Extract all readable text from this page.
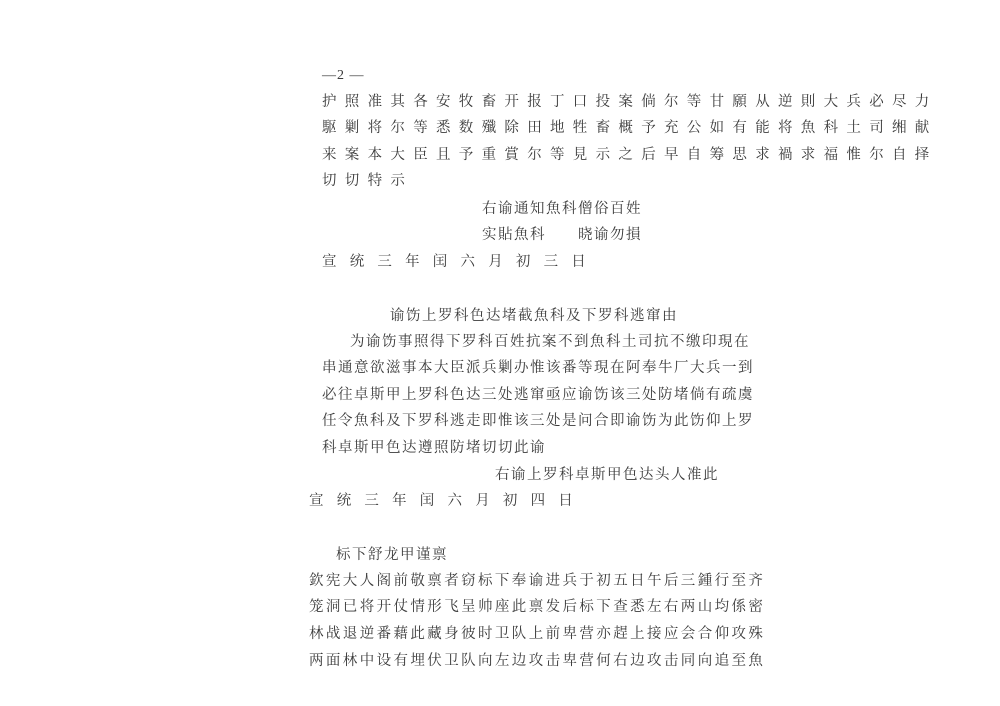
—2 —
护照准其各安牧畜开报丁口投案倘尔等甘願从逆則大兵必尽力
駆剿将尔等悉数殲除田地牲畜概予充公如有能将魚科土司缃献
来案本大臣且予重賞尔等見示之后早自筹思求禍求福惟尔自择
切切特示
右谕通知魚科僧俗百姓
实貼魚科　　晓谕勿損
宣统三年闰六月初三日
谕饬上罗科色达堵截魚科及下罗科逃窜由
为谕饬事照得下罗科百姓抗案不到魚科土司抗不缴印現在
串通意欲滋事本大臣派兵剿办惟该番等現在阿奉牛厂大兵一到
必往卓斯甲上罗科色达三处逃窜亟应谕饬该三处防堵倘有疏虞
任令魚科及下罗科逃走即惟该三处是问合即谕饬为此饬仰上罗
科卓斯甲色达遵照防堵切切此谕
右谕上罗科卓斯甲色达头人准此
宣统三年闰六月初四日
标下舒龙甲谨禀
欽宪大人阁前敬禀者窃标下奉谕进兵于初五日午后三鍾行至齐
笼洞已将开仗情形飞呈帅座此禀发后标下查悉左右两山均係密
林战退逆番藉此藏身彼时卫队上前卑营亦趕上接应会合仰攻殊
两面林中设有埋伏卫队向左边攻击卑营何右边攻击同向追至魚
